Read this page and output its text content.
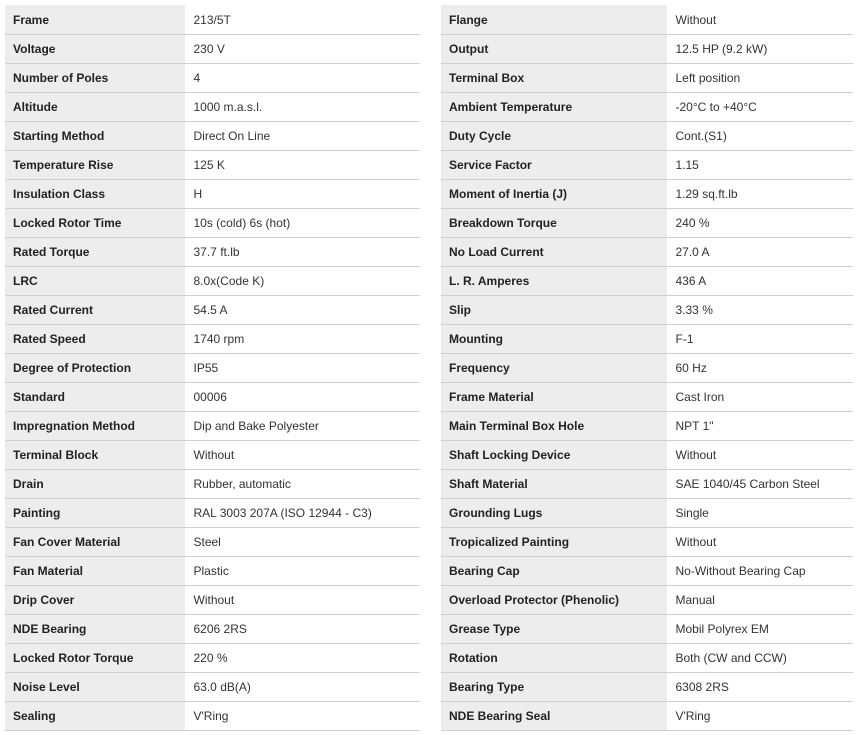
Frame	213/5T
Voltage	230 V
Number of Poles	4
Altitude	1000 m.a.s.l.
Starting Method	Direct On Line
Temperature Rise	125 K
Insulation Class	H
Locked Rotor Time	10s (cold) 6s (hot)
Rated Torque	37.7 ft.lb
LRC	8.0x(Code K)
Rated Current	54.5 A
Rated Speed	1740 rpm
Degree of Protection	IP55
Standard	00006
Impregnation Method	Dip and Bake Polyester
Terminal Block	Without
Drain	Rubber, automatic
Painting	RAL 3003 207A (ISO 12944 - C3)
Fan Cover Material	Steel
Fan Material	Plastic
Drip Cover	Without
NDE Bearing	6206 2RS
Locked Rotor Torque	220 %
Noise Level	63.0 dB(A)
Sealing	V'Ring
Flange	Without
Output	12.5 HP (9.2 kW)
Terminal Box	Left position
Ambient Temperature	-20°C to +40°C
Duty Cycle	Cont.(S1)
Service Factor	1.15
Moment of Inertia (J)	1.29 sq.ft.lb
Breakdown Torque	240 %
No Load Current	27.0 A
L. R. Amperes	436 A
Slip	3.33 %
Mounting	F-1
Frequency	60 Hz
Frame Material	Cast Iron
Main Terminal Box Hole	NPT 1"
Shaft Locking Device	Without
Shaft Material	SAE 1040/45 Carbon Steel
Grounding Lugs	Single
Tropicalized Painting	Without
Bearing Cap	No-Without Bearing Cap
Overload Protector (Phenolic)	Manual
Grease Type	Mobil Polyrex EM
Rotation	Both (CW and CCW)
Bearing Type	6308 2RS
NDE Bearing Seal	V'Ring
